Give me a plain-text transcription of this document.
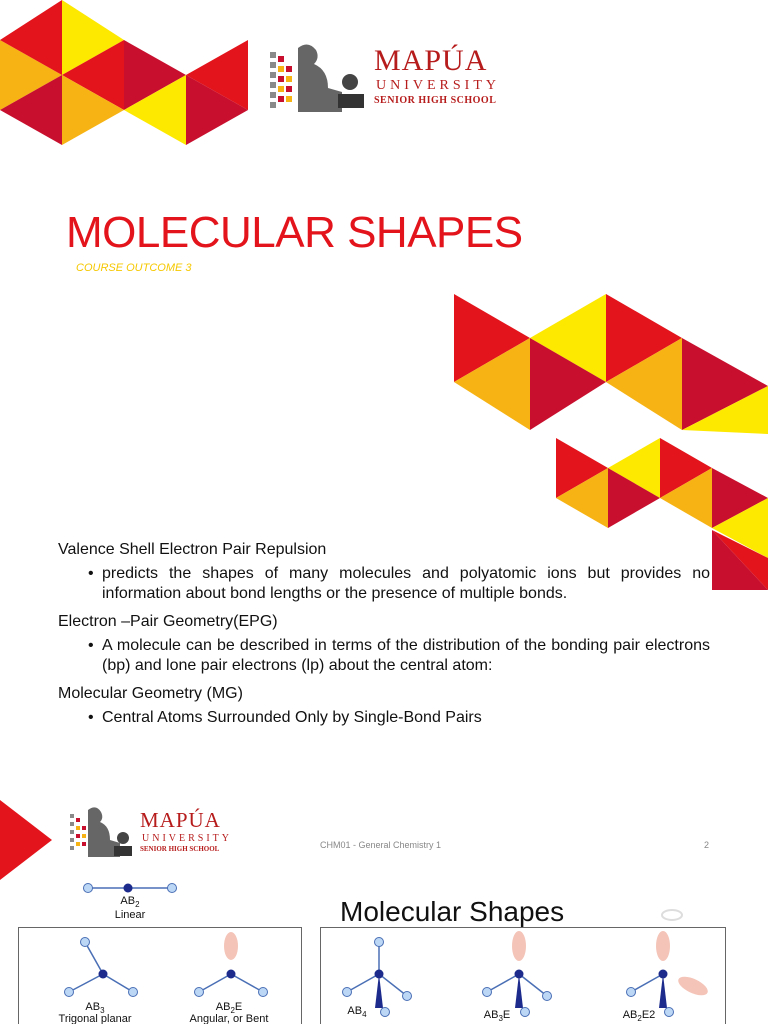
MAPÚA
UNIVERSITY
SENIOR HIGH SCHOOL
MOLECULAR SHAPES
COURSE OUTCOME 3

Valence Shell Electron Pair Repulsion

• predicts the shapes of many molecules and polyatomic ions but provides no information about bond lengths or the presence of multiple bonds.

Electron –Pair Geometry(EPG)

• A molecule can be described in terms of the distribution of the bonding pair electrons (bp) and lone pair electrons (lp) about the central atom:

Molecular Geometry (MG)

• Central Atoms Surrounded Only by Single-Bond Pairs
MAPÚA
UNIVERSITY
SENIOR HIGH SCHOOL	CHM01 - General Chemistry 1	2
$AB_2$
Linear	Molecular Shapes
$AB_3$
Trigonal planar
$AB_2E$
Angular, or Bent
$AB_4$	$AB_3E$	$AB_2E2$
